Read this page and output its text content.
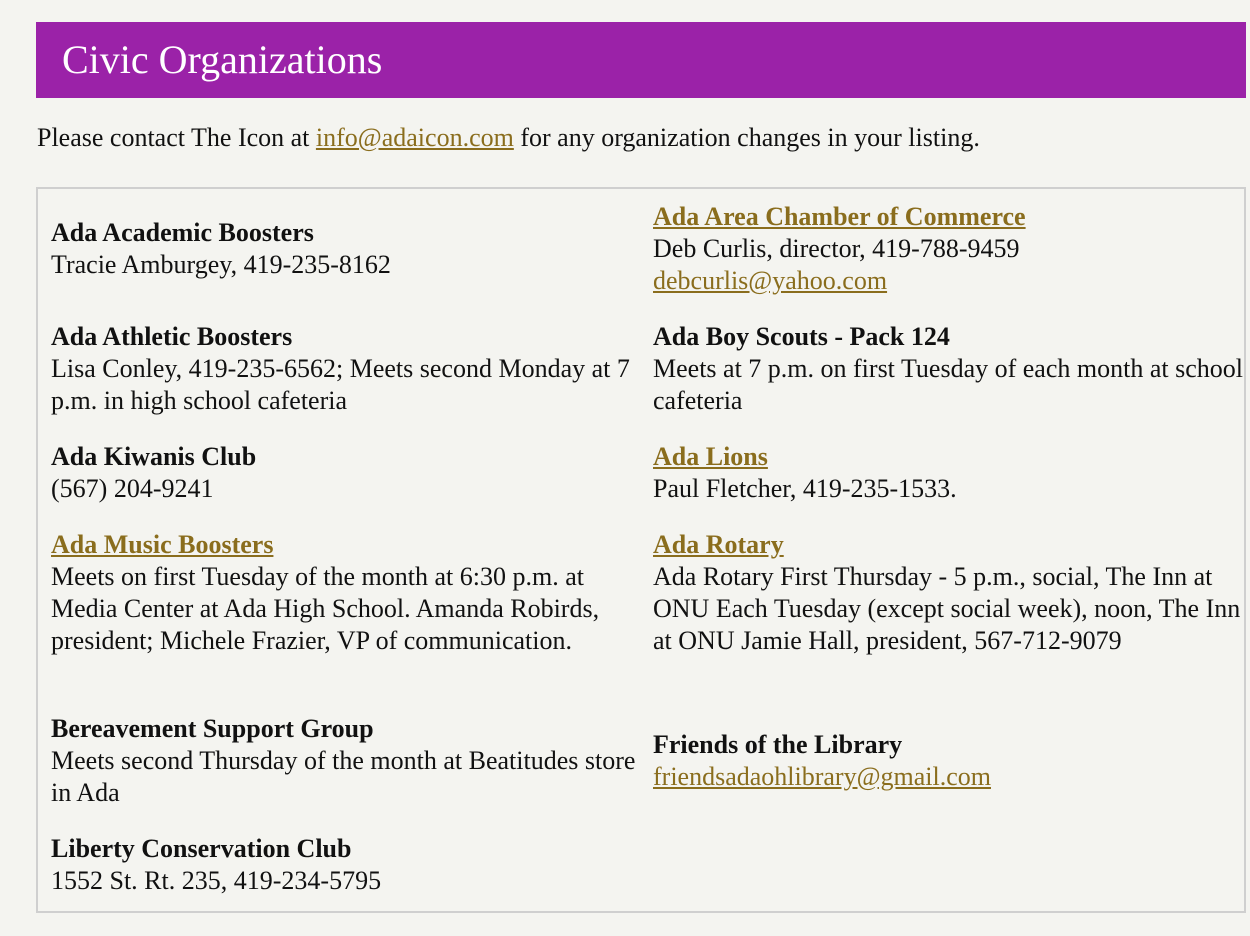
Civic Organizations
Please contact The Icon at info@adaicon.com for any organization changes in your listing.
Ada Academic Boosters
Tracie Amburgey, 419-235-8162
Ada Athletic Boosters
Lisa Conley, 419-235-6562; Meets second Monday at 7 p.m. in high school cafeteria
Ada Kiwanis Club
(567) 204-9241
Ada Music Boosters
Meets on first Tuesday of the month at 6:30 p.m. at Media Center at Ada High School. Amanda Robirds, president; Michele Frazier, VP of communication.
Bereavement Support Group
Meets second Thursday of the month at Beatitudes store in Ada
Liberty Conservation Club
1552 St. Rt. 235, 419-234-5795
Ada Area Chamber of Commerce
Deb Curlis, director, 419-788-9459
debcurlis@yahoo.com
Ada Boy Scouts - Pack 124
Meets at 7 p.m. on first Tuesday of each month at school cafeteria
Ada Lions
Paul Fletcher, 419-235-1533.
Ada Rotary
Ada Rotary First Thursday - 5 p.m., social, The Inn at ONU Each Tuesday (except social week), noon, The Inn at ONU Jamie Hall, president, 567-712-9079
Friends of the Library
friendsadaohlibrary@gmail.com
